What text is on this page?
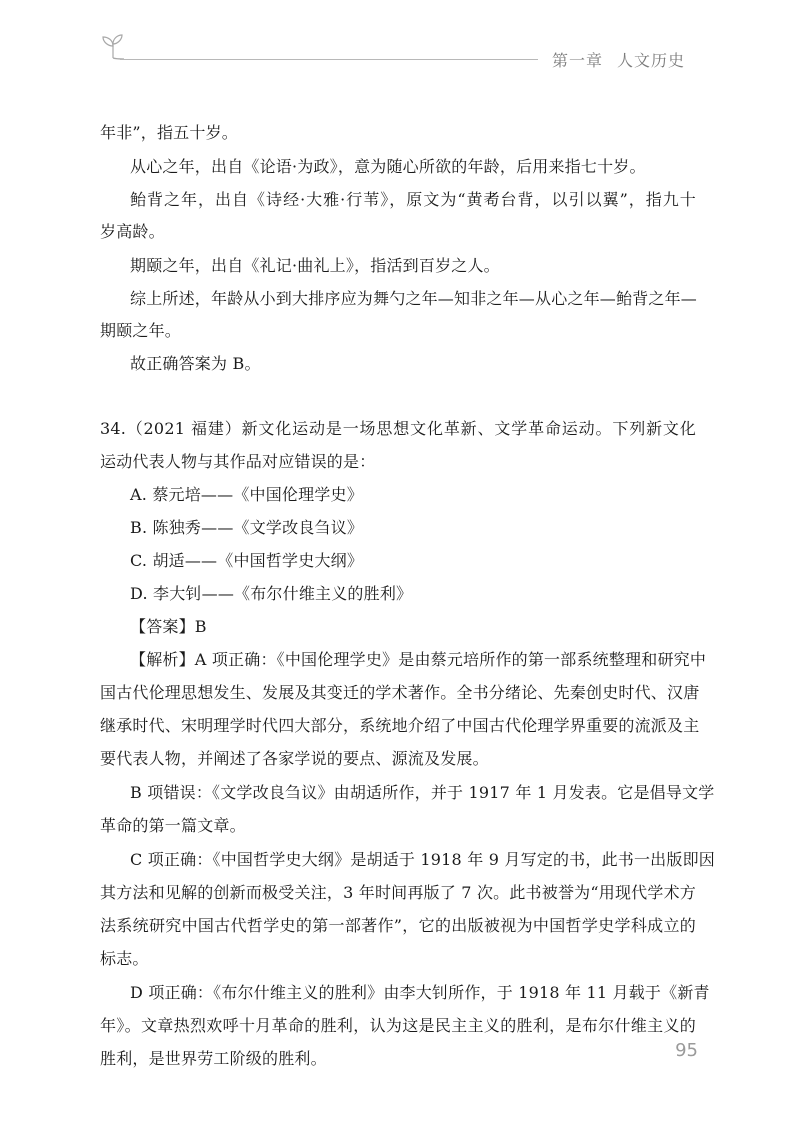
第一章 人文历史
年非”，指五十岁。
从心之年，出自《论语·为政》，意为随心所欲的年龄，后用来指七十岁。
鲐背之年，出自《诗经·大雅·行苇》，原文为“黄耇台背，以引以翼”，指九十
岁高龄。
期颐之年，出自《礼记·曲礼上》，指活到百岁之人。
综上所述，年龄从小到大排序应为舞勺之年—知非之年—从心之年—鲐背之年—
期颐之年。
故正确答案为 B。
34.（2021 福建）新文化运动是一场思想文化革新、文学革命运动。下列新文化
运动代表人物与其作品对应错误的是：
A. 蔡元培——《中国伦理学史》
B. 陈独秀——《文学改良刍议》
C. 胡适——《中国哲学史大纲》
D. 李大钊——《布尔什维主义的胜利》
【答案】B
【解析】A 项正确：《中国伦理学史》是由蔡元培所作的第一部系统整理和研究中
国古代伦理思想发生、发展及其变迁的学术著作。全书分绪论、先秦创史时代、汉唐
继承时代、宋明理学时代四大部分，系统地介绍了中国古代伦理学界重要的流派及主
要代表人物，并阐述了各家学说的要点、源流及发展。
B 项错误：《文学改良刍议》由胡适所作，并于 1917 年 1 月发表。它是倡导文学
革命的第一篇文章。
C 项正确：《中国哲学史大纲》是胡适于 1918 年 9 月写定的书，此书一出版即因
其方法和见解的创新而极受关注，3 年时间再版了 7 次。此书被誉为“用现代学术方
法系统研究中国古代哲学史的第一部著作”，它的出版被视为中国哲学史学科成立的
标志。
D 项正确：《布尔什维主义的胜利》由李大钊所作，于 1918 年 11 月载于《新青
年》。文章热烈欢呼十月革命的胜利，认为这是民主主义的胜利，是布尔什维主义的
胜利，是世界劳工阶级的胜利。	95
